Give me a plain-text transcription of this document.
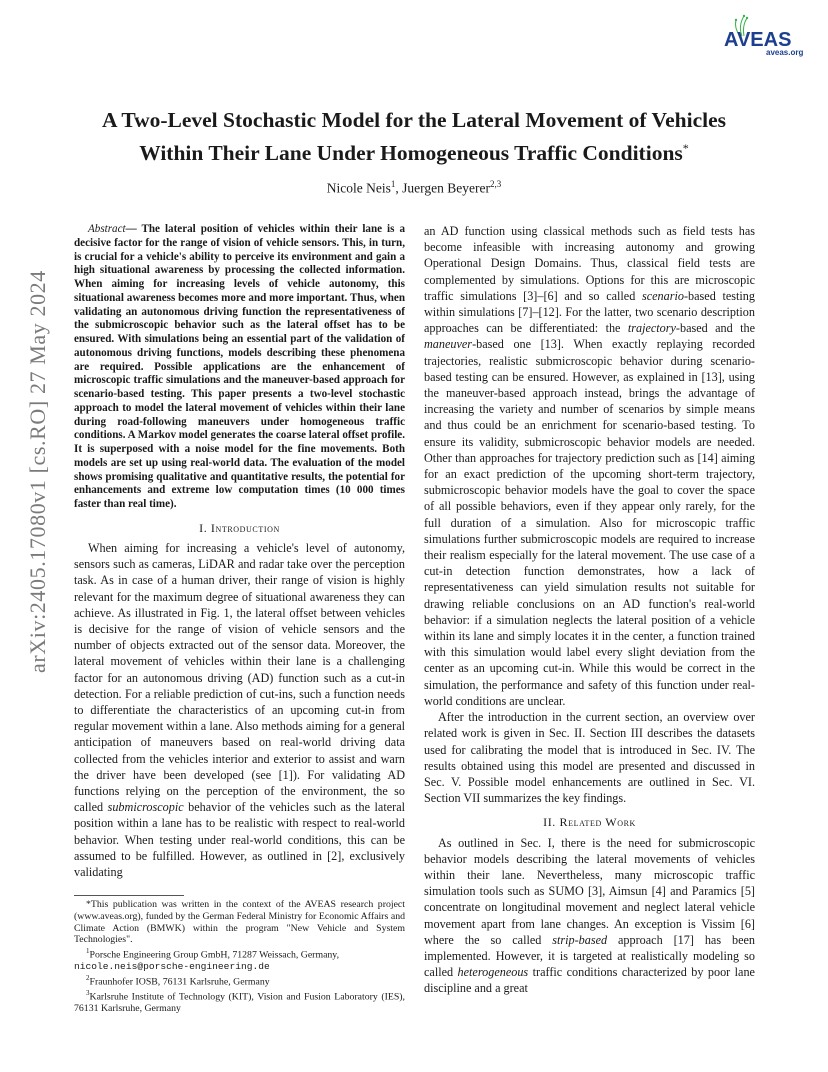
arXiv:2405.17080v1 [cs.RO] 27 May 2024
AVEAS
aveas.org
A Two-Level Stochastic Model for the Lateral Movement of Vehicles
Within Their Lane Under Homogeneous Traffic Conditions*

Nicole Neis$^1$, Juergen Beyerer$^{2,3}$

Abstract— The lateral position of vehicles within their lane is a decisive factor for the range of vision of vehicle sensors. This, in turn, is crucial for a vehicle's ability to perceive its environment and gain a high situational awareness by processing the collected information. When aiming for increasing levels of vehicle autonomy, this situational awareness becomes more and more important. Thus, when validating an autonomous driving function the representativeness of the submicroscopic behavior such as the lateral offset has to be ensured. With simulations being an essential part of the validation of autonomous driving functions, models describing these phenomena are required. Possible applications are the enhancement of microscopic traffic simulations and the maneuver-based approach for scenario-based testing. This paper presents a two-level stochastic approach to model the lateral movement of vehicles within their lane during road-following maneuvers under homogeneous traffic conditions. A Markov model generates the coarse lateral offset profile. It is superposed with a noise model for the fine movements. Both models are set up using real-world data. The evaluation of the model shows promising qualitative and quantitative results, the potential for enhancements and extreme low computation times (10 000 times faster than real time).

I. Introduction

When aiming for increasing a vehicle's level of autonomy, sensors such as cameras, LiDAR and radar take over the perception task. As in case of a human driver, their range of vision is highly relevant for the maximum degree of situational awareness they can achieve. As illustrated in Fig. 1, the lateral offset between vehicles is decisive for the range of vision of vehicle sensors and the number of objects extracted out of the sensor data. Moreover, the lateral movement of vehicles within their lane is a challenging factor for an autonomous driving (AD) function such as a cut-in detection. For a reliable prediction of cut-ins, such a function needs to differentiate the characteristics of an upcoming cut-in from regular movement within a lane. Also methods aiming for a general anticipation of maneuvers based on real-world driving data collected from the vehicles interior and exterior to assist and warn the driver have been developed (see [1]). For validating AD functions relying on the perception of the environment, the so called submicroscopic behavior of the vehicles such as the lateral position within a lane has to be realistic with respect to real-world behavior. When testing under real-world conditions, this can be assumed to be fulfilled. However, as outlined in [2], exclusively validating

*This publication was written in the context of the AVEAS research project (www.aveas.org), funded by the German Federal Ministry for Economic Affairs and Climate Action (BMWK) within the program "New Vehicle and System Technologies".

$^1$Porsche Engineering Group GmbH, 71287 Weissach, Germany,

nicole.neis@porsche-engineering.de

$^2$Fraunhofer IOSB, 76131 Karlsruhe, Germany

$^3$Karlsruhe Institute of Technology (KIT), Vision and Fusion Laboratory (IES), 76131 Karlsruhe, Germany

an AD function using classical methods such as field tests has become infeasible with increasing autonomy and growing Operational Design Domains. Thus, classical field tests are complemented by simulations. Options for this are microscopic traffic simulations [3]–[6] and so called scenario-based testing within simulations [7]–[12]. For the latter, two scenario description approaches can be differentiated: the trajectory-based and the maneuver-based one [13]. When exactly replaying recorded trajectories, realistic submicroscopic behavior during scenario-based testing can be ensured. However, as explained in [13], using the maneuver-based approach instead, brings the advantage of increasing the variety and number of scenarios by simple means and thus could be an enrichment for scenario-based testing. To ensure its validity, submicroscopic behavior models are needed. Other than approaches for trajectory prediction such as [14] aiming for an exact prediction of the upcoming short-term trajectory, submicroscopic behavior models have the goal to cover the space of all possible behaviors, even if they appear only rarely, for the full duration of a simulation. Also for microscopic traffic simulations further submicroscopic models are required to increase their realism especially for the lateral movement. The use case of a cut-in detection function demonstrates, how a lack of representativeness can yield simulation results not suitable for drawing reliable conclusions on an AD function's real-world behavior: if a simulation neglects the lateral position of a vehicle within its lane and simply locates it in the center, a function trained with this simulation would label every slight deviation from the center as an upcoming cut-in. While this would be correct in the simulation, the performance and safety of this function under real-world conditions are unclear.

After the introduction in the current section, an overview over related work is given in Sec. II. Section III describes the datasets used for calibrating the model that is introduced in Sec. IV. The results obtained using this model are presented and discussed in Sec. V. Possible model enhancements are outlined in Sec. VI. Section VII summarizes the key findings.

II. Related Work

As outlined in Sec. I, there is the need for submicroscopic behavior models describing the lateral movements of vehicles within their lane. Nevertheless, many microscopic traffic simulation tools such as SUMO [3], Aimsun [4] and Paramics [5] concentrate on longitudinal movement and neglect lateral vehicle movement apart from lane changes. An exception is Vissim [6] where the so called strip-based approach [17] has been implemented. However, it is targeted at realistically modeling so called heterogeneous traffic conditions characterized by poor lane discipline and a great
